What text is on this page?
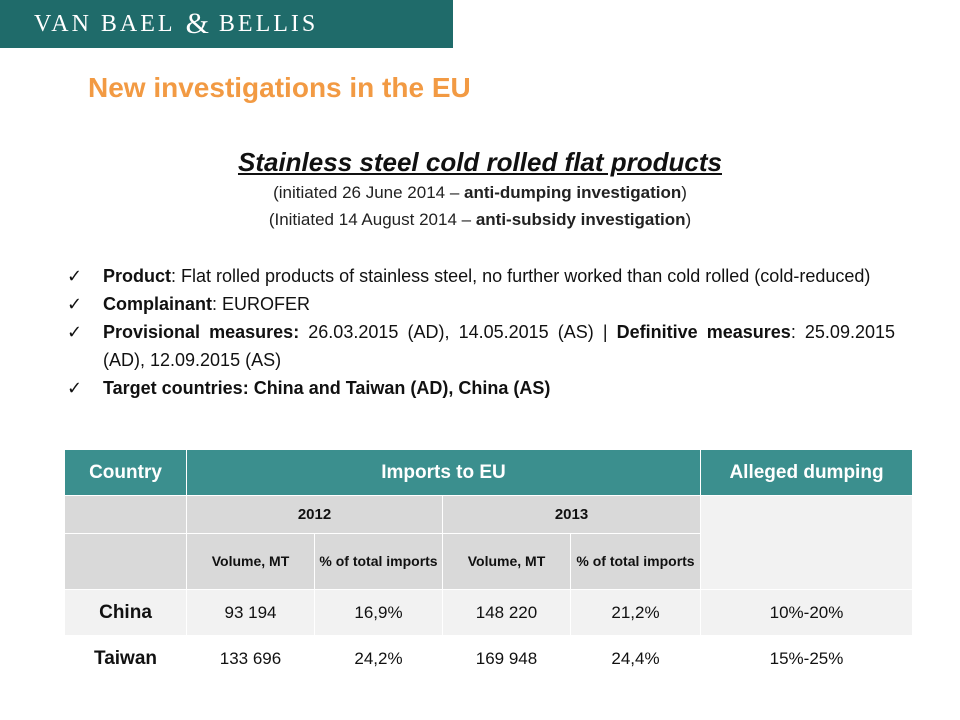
VAN BAEL & BELLIS
New investigations in the EU
Stainless steel cold rolled flat products
(initiated 26 June 2014 – anti-dumping investigation)
(Initiated 14 August 2014 – anti-subsidy investigation)
✓ Product: Flat rolled products of stainless steel, no further worked than cold rolled (cold-reduced)
✓ Complainant: EUROFER
✓ Provisional measures: 26.03.2015 (AD), 14.05.2015 (AS) | Definitive measures: 25.09.2015 (AD), 12.09.2015 (AS)
✓ Target countries: China and Taiwan (AD), China (AS)
Country	Imports to EU				Alleged dumping
	2012		2013		
	Volume, MT	% of total imports	Volume, MT	% of total imports	
China	93 194	16,9%	148 220	21,2%	10%-20%
Taiwan	133 696	24,2%	169 948	24,4%	15%-25%
